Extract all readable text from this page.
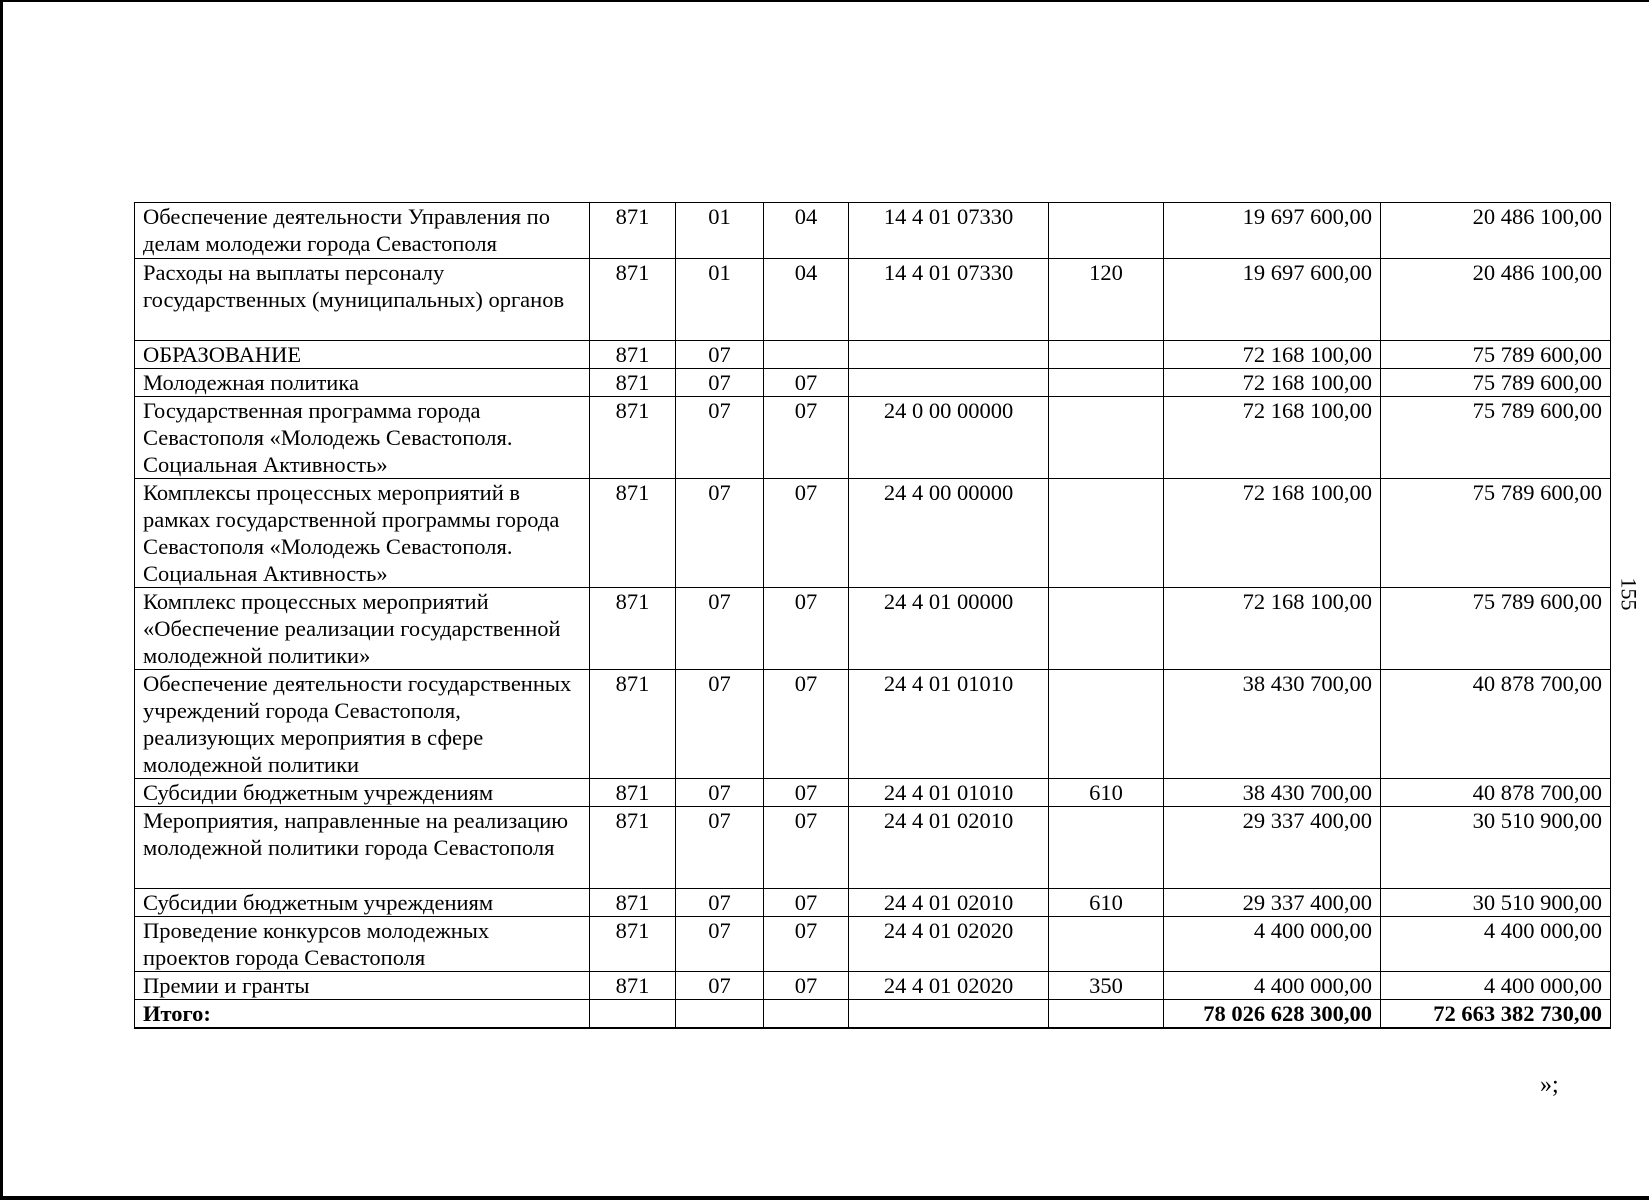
155
Обеспечение деятельности Управления по делам молодежи города Севастополя	871	01	04	14 4 01 07330		19 697 600,00	20 486 100,00
Расходы на выплаты персоналу государственных (муниципальных) органов	871	01	04	14 4 01 07330	120	19 697 600,00	20 486 100,00
ОБРАЗОВАНИЕ	871	07				72 168 100,00	75 789 600,00
Молодежная политика	871	07	07			72 168 100,00	75 789 600,00
Государственная программа города Севастополя «Молодежь Севастополя. Социальная Активность»	871	07	07	24 0 00 00000		72 168 100,00	75 789 600,00
Комплексы процессных мероприятий в рамках государственной программы города Севастополя «Молодежь Севастополя. Социальная Активность»	871	07	07	24 4 00 00000		72 168 100,00	75 789 600,00
Комплекс процессных мероприятий «Обеспечение реализации государственной молодежной политики»	871	07	07	24 4 01 00000		72 168 100,00	75 789 600,00
Обеспечение деятельности государственных учреждений города Севастополя, реализующих мероприятия в сфере молодежной политики	871	07	07	24 4 01 01010		38 430 700,00	40 878 700,00
Субсидии бюджетным учреждениям	871	07	07	24 4 01 01010	610	38 430 700,00	40 878 700,00
Мероприятия, направленные на реализацию молодежной политики города Севастополя	871	07	07	24 4 01 02010		29 337 400,00	30 510 900,00
Субсидии бюджетным учреждениям	871	07	07	24 4 01 02010	610	29 337 400,00	30 510 900,00
Проведение конкурсов молодежных проектов города Севастополя	871	07	07	24 4 01 02020		4 400 000,00	4 400 000,00
Премии и гранты	871	07	07	24 4 01 02020	350	4 400 000,00	4 400 000,00
Итого:						78 026 628 300,00	72 663 382 730,00
»;
